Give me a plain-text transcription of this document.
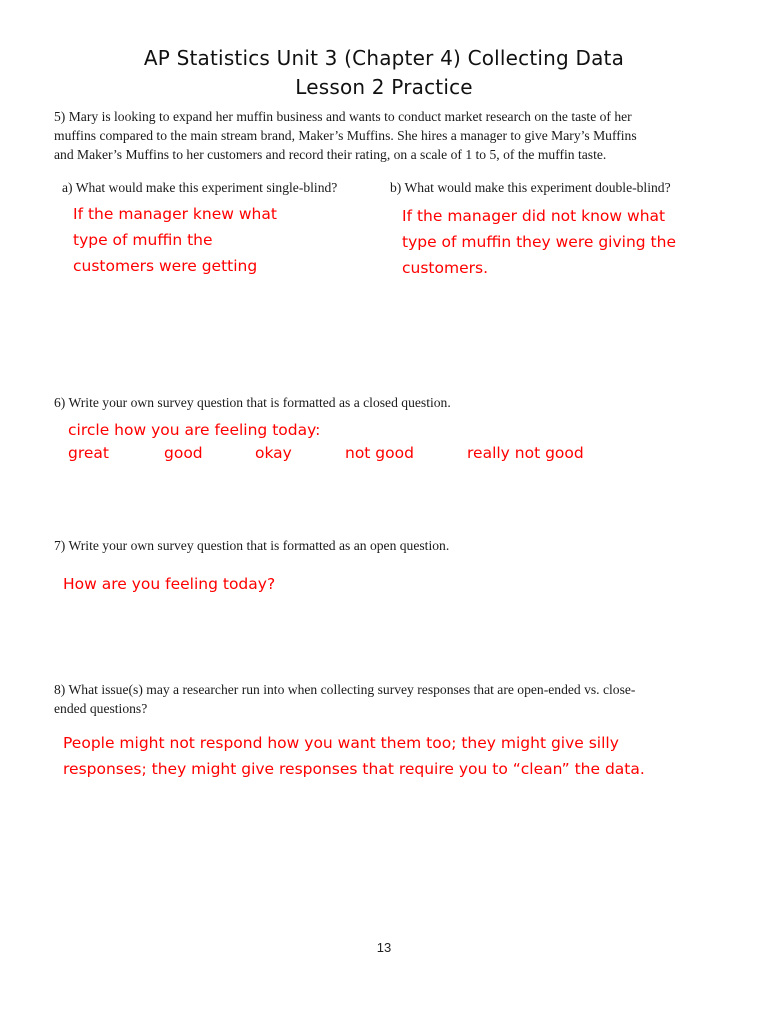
AP Statistics Unit 3 (Chapter 4) Collecting Data
Lesson 2 Practice
5) Mary is looking to expand her muffin business and wants to conduct market research on the taste of her
muffins compared to the main stream brand, Maker’s Muffins. She hires a manager to give Mary’s Muffins
and Maker’s Muffins to her customers and record their rating, on a scale of 1 to 5, of the muffin taste.
a) What would make this experiment single-blind?	b) What would make this experiment double-blind?
If the manager knew what
type of muffin the
customers were getting
If the manager did not know what
type of muffin they were giving the
customers.
6) Write your own survey question that is formatted as a closed question.
circle how you are feeling today:
great	good	okay	not good	really not good
7) Write your own survey question that is formatted as an open question.
How are you feeling today?
8) What issue(s) may a researcher run into when collecting survey responses that are open-ended vs. close-
ended questions?
People might not respond how you want them too; they might give silly
responses; they might give responses that require you to “clean” the data.
13
